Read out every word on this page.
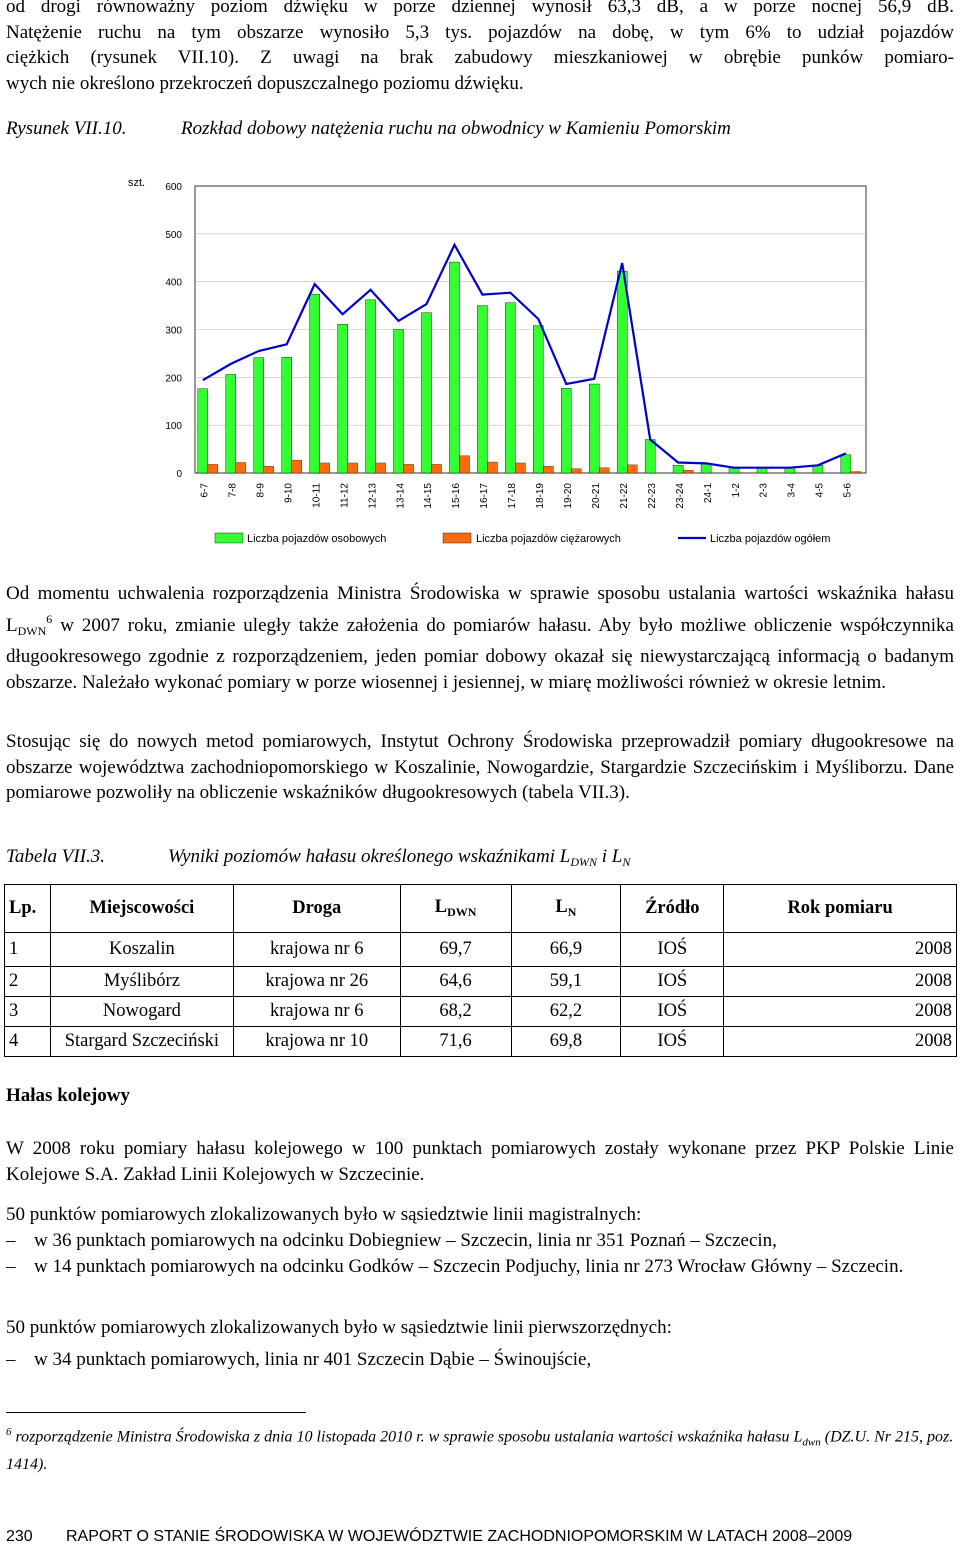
od drogi równoważny poziom dźwięku w porze dziennej wynosił 63,3 dB, a w porze nocnej 56,9 dB.
Natężenie ruchu na tym obszarze wynosiło 5,3 tys. pojazdów na dobę, w tym 6% to udział pojazdów
ciężkich (rysunek VII.10). Z uwagi na brak zabudowy mieszkaniowej w obrębie punków pomiaro-
wych nie określono przekroczeń dopuszczalnego poziomu dźwięku.
Rysunek VII.10.	Rozkład dobowy natężenia ruchu na obwodnicy w Kamieniu Pomorskim
szt.
0
100
200
300
400
500
600
6-7 7-8 8-9 9-10 10-11 11-12 12-13 13-14 14-15 15-16 16-17 17-18 18-19 19-20 20-21 21-22 22-23 23-24 24-1 1-2 2-3 3-4 4-5 5-6
Liczba pojazdów osobowych	Liczba pojazdów ciężarowych	Liczba pojazdów ogółem

Od momentu uchwalenia rozporządzenia Ministra Środowiska w sprawie sposobu ustalania wartości wskaźnika hałasu $L_{DWN}^6$ w 2007 roku, zmianie uległy także założenia do pomiarów hałasu. Aby było możliwe obliczenie współczynnika długookresowego zgodnie z rozporządzeniem, jeden pomiar dobowy okazał się niewystarczającą informacją o badanym obszarze. Należało wykonać pomiary w porze wiosennej i jesiennej, w miarę możliwości również w okresie letnim.

Stosując się do nowych metod pomiarowych, Instytut Ochrony Środowiska przeprowadził pomiary długookresowe na obszarze województwa zachodniopomorskiego w Koszalinie, Nowogardzie, Stargardzie Szczecińskim i Myśliborzu. Dane pomiarowe pozwoliły na obliczenie wskaźników długookresowych (tabela VII.3).

Tabela VII.3.	Wyniki poziomów hałasu określonego wskaźnikami $L_{DWN}$ i $L_N$
Lp.	Miejscowości	Droga	$L_{DWN}$	$L_N$	Źródło	Rok pomiaru
1	Koszalin	krajowa nr 6	69,7	66,9	IOŚ	2008
2	Myślibórz	krajowa nr 26	64,6	59,1	IOŚ	2008
3	Nowogard	krajowa nr 6	68,2	62,2	IOŚ	2008
4	Stargard Szczeciński	krajowa nr 10	71,6	69,8	IOŚ	2008
Hałas kolejowy
W 2008 roku pomiary hałasu kolejowego w 100 punktach pomiarowych zostały wykonane przez PKP Polskie Linie Kolejowe S.A. Zakład Linii Kolejowych w Szczecinie.
50 punktów pomiarowych zlokalizowanych było w sąsiedztwie linii magistralnych:
– w 36 punktach pomiarowych na odcinku Dobiegniew – Szczecin, linia nr 351 Poznań – Szczecin,
– w 14 punktach pomiarowych na odcinku Godków – Szczecin Podjuchy, linia nr 273 Wrocław Główny – Szczecin.
50 punktów pomiarowych zlokalizowanych było w sąsiedztwie linii pierwszorzędnych:
– w 34 punktach pomiarowych, linia nr 401 Szczecin Dąbie – Świnoujście,
$^6$ rozporządzenie Ministra Środowiska z dnia 10 listopada 2010 r. w sprawie sposobu ustalania wartości wskaźnika hałasu $L_{dwn}$ (DZ.U. Nr 215, poz. 1414).
230 RAPORT O STANIE ŚRODOWISKA W WOJEWÓDZTWIE ZACHODNIOPOMORSKIM W LATACH 2008–2009
